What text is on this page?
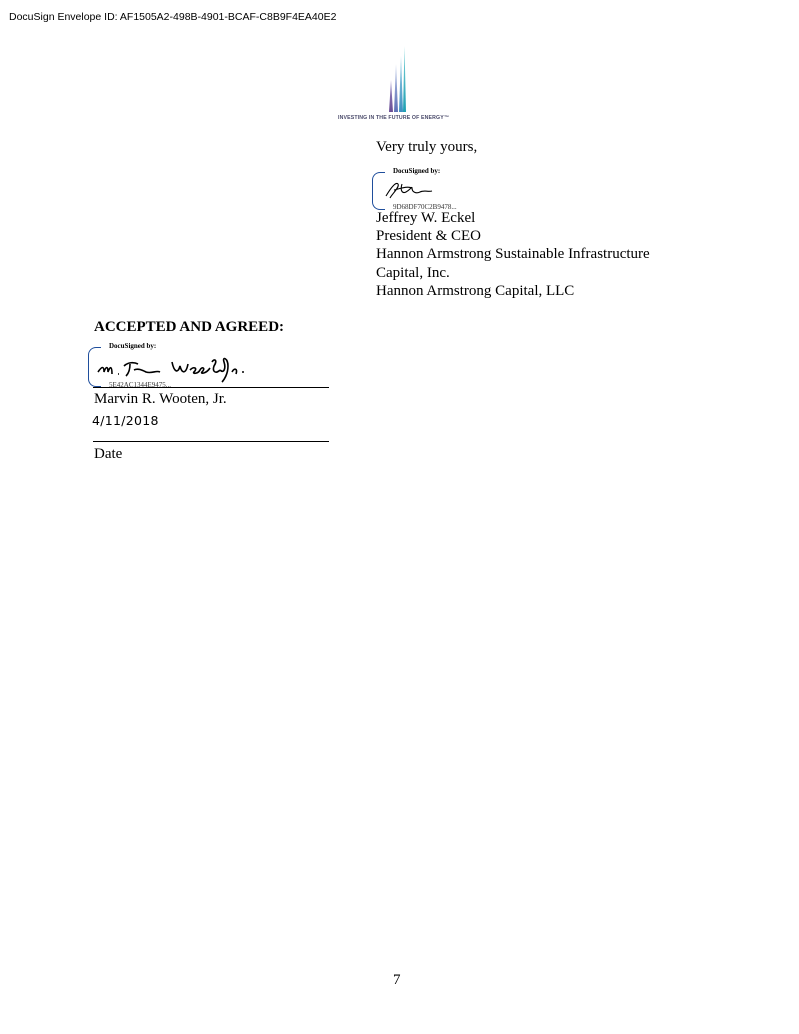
DocuSign Envelope ID: AF1505A2-498B-4901-BCAF-C8B9F4EA40E2
INVESTING IN THE FUTURE OF ENERGY™
Very truly yours,
DocuSigned by:
9D68DF70C2B9478...
Jeffrey W. Eckel
President & CEO
Hannon Armstrong Sustainable Infrastructure
Capital, Inc.
Hannon Armstrong Capital, LLC
ACCEPTED AND AGREED:
DocuSigned by:
5E42AC1344E9475...
Marvin R. Wooten, Jr.
4/11/2018
Date
7
